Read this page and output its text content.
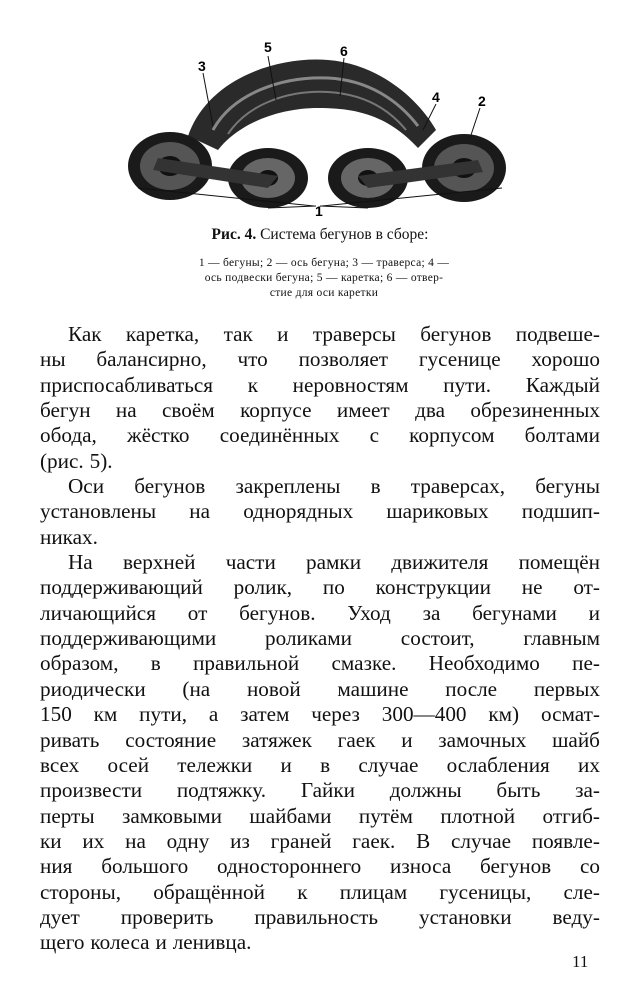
3
5	6
4	2
1
Рис. 4. Система бегунов в сборе:
1 — бегуны; 2 — ось бегуна; 3 — траверса; 4 —
ось подвески бегуна; 5 — каретка; 6 — отвер-
стие для оси каретки
Как каретка, так и траверсы бегунов подвеше-
ны балансирно, что позволяет гусенице хорошо
приспосабливаться к неровностям пути. Каждый
бегун на своём корпусе имеет два обрезиненных
обода, жёстко соединённых с корпусом болтами
(рис. 5).
Оси бегунов закреплены в траверсах, бегуны
установлены на однорядных шариковых подшип-
никах.
На верхней части рамки движителя помещён
поддерживающий ролик, по конструкции не от-
личающийся от бегунов. Уход за бегунами и
поддерживающими роликами состоит, главным
образом, в правильной смазке. Необходимо пе-
риодически (на новой машине после первых
150 км пути, а затем через 300—400 км) осмат-
ривать состояние затяжек гаек и замочных шайб
всех осей тележки и в случае ослабления их
произвести подтяжку. Гайки должны быть за-
перты замковыми шайбами путём плотной отгиб-
ки их на одну из граней гаек. В случае появле-
ния большого одностороннего износа бегунов со
стороны, обращённой к плицам гусеницы, сле-
дует проверить правильность установки веду-
щего колеса и ленивца.
11
